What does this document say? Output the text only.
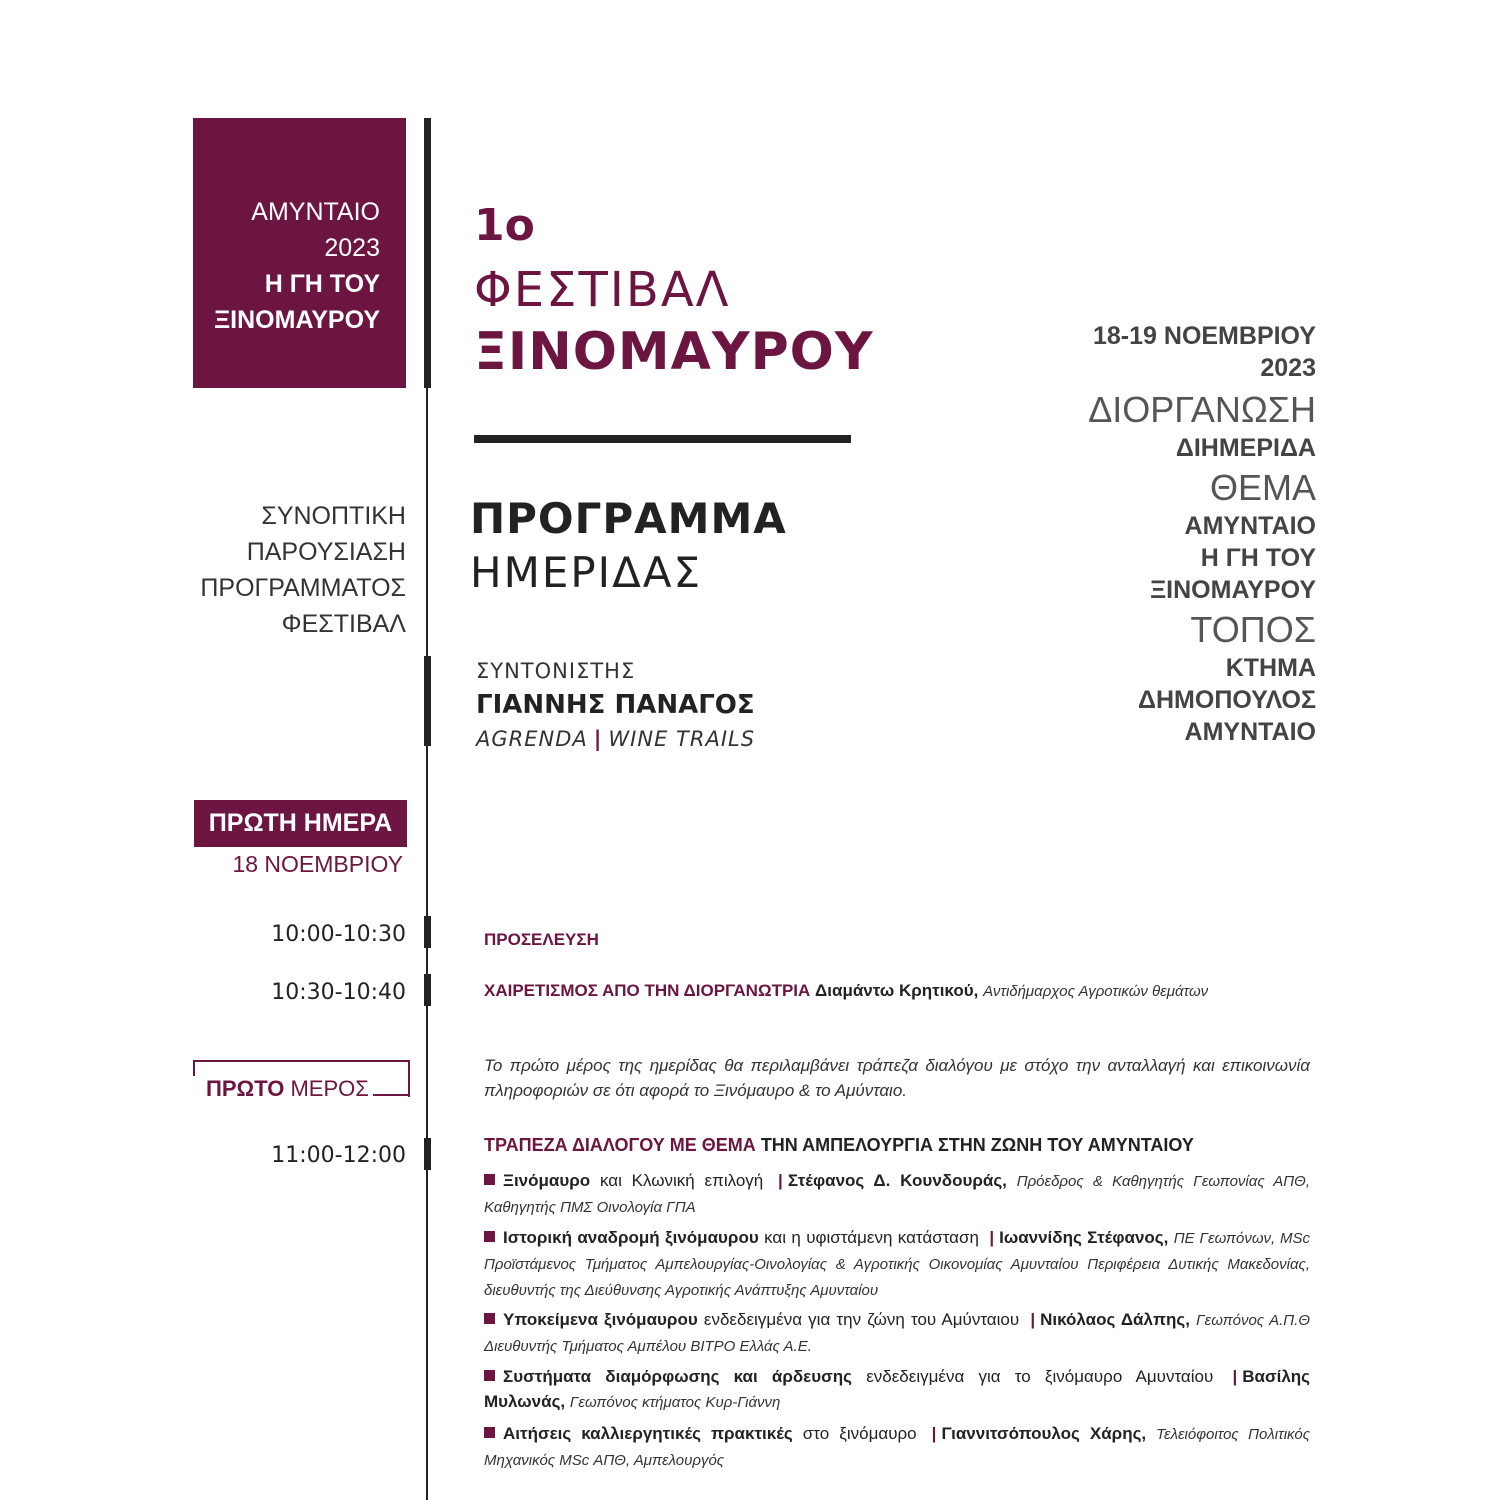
ΑΜΥΝΤΑΙΟ
2023
Η ΓΗ ΤΟΥ
ΞΙΝΟΜΑΥΡΟΥ
1ο
ΦΕΣΤΙΒΑΛ
ΞΙΝΟΜΑΥΡΟΥ
ΠΡΟΓΡΑΜΜΑ
ΗΜΕΡΙΔΑΣ
ΣΥΝΤΟΝΙΣΤΗΣ
ΓΙΑΝΝΗΣ ΠΑΝΑΓΟΣ
AGRENDA | WINE TRAILS
18-19 ΝΟΕΜΒΡΙΟΥ
2023
ΔΙΟΡΓΑΝΩΣΗ
ΔΙΗΜΕΡΙΔΑ
ΘΕΜΑ
ΑΜΥΝΤΑΙΟ
Η ΓΗ ΤΟΥ
ΞΙΝΟΜΑΥΡΟΥ
ΤΟΠΟΣ
ΚΤΗΜΑ
ΔΗΜΟΠΟΥΛΟΣ
ΑΜΥΝΤΑΙΟ
ΣΥΝΟΠΤΙΚΗ
ΠΑΡΟΥΣΙΑΣΗ
ΠΡΟΓΡΑΜΜΑΤΟΣ
ΦΕΣΤΙΒΑΛ
ΠΡΩΤΗ ΗΜΕΡΑ
18 ΝΟΕΜΒΡΙΟΥ
10:00-10:30	ΠΡΟΣΕΛΕΥΣΗ
10:30-10:40	ΧΑΙΡΕΤΙΣΜΟΣ ΑΠΟ ΤΗΝ ΔΙΟΡΓΑΝΩΤΡΙΑ Διαμάντω Κρητικού, Αντιδήμαρχος Αγροτικών θεμάτων
ΠΡΩΤΟ ΜΕΡΟΣ
Το πρώτο μέρος της ημερίδας θα περιλαμβάνει τράπεζα διαλόγου με στόχο την ανταλλαγή και επικοινωνία πληροφοριών σε ότι αφορά το Ξινόμαυρο & το Αμύνταιο.
11:00-12:00	ΤΡΑΠΕΖΑ ΔΙΑΛΟΓΟΥ ΜΕ ΘΕΜΑ ΤΗΝ ΑΜΠΕΛΟΥΡΓΙΑ ΣΤΗΝ ΖΩΝΗ ΤΟΥ ΑΜΥΝΤΑΙΟΥ
Ξινόμαυρο και Κλωνική επιλογή | Στέφανος Δ. Κουνδουράς, Πρόεδρος & Καθηγητής Γεωπονίας ΑΠΘ, Καθηγητής ΠΜΣ Οινολογία ΓΠΑ
Ιστορική αναδρομή ξινόμαυρου και η υφιστάμενη κατάσταση | Ιωαννίδης Στέφανος, ΠΕ Γεωπόνων, MSc Προϊστάμενος Τμήματος Αμπελουργίας-Οινολογίας & Αγροτικής Οικονομίας Αμυνταίου Περιφέρεια Δυτικής Μακεδονίας, διευθυντής της Διεύθυνσης Αγροτικής Ανάπτυξης Αμυνταίου
Υποκείμενα ξινόμαυρου ενδεδειγμένα για την ζώνη του Αμύνταιου | Νικόλαος Δάλπης, Γεωπόνος Α.Π.Θ Διευθυντής Τμήματος Αμπέλου ΒΙΤΡΟ Ελλάς Α.Ε.
Συστήματα διαμόρφωσης και άρδευσης ενδεδειγμένα για το ξινόμαυρο Αμυνταίου | Βασίλης Μυλωνάς, Γεωπόνος κτήματος Κυρ-Γιάννη
Αιτήσεις καλλιεργητικές πρακτικές στο ξινόμαυρο | Γιαννιτσόπουλος Χάρης, Τελειόφοιτος Πολιτικός Μηχανικός MSc ΑΠΘ, Αμπελουργός
